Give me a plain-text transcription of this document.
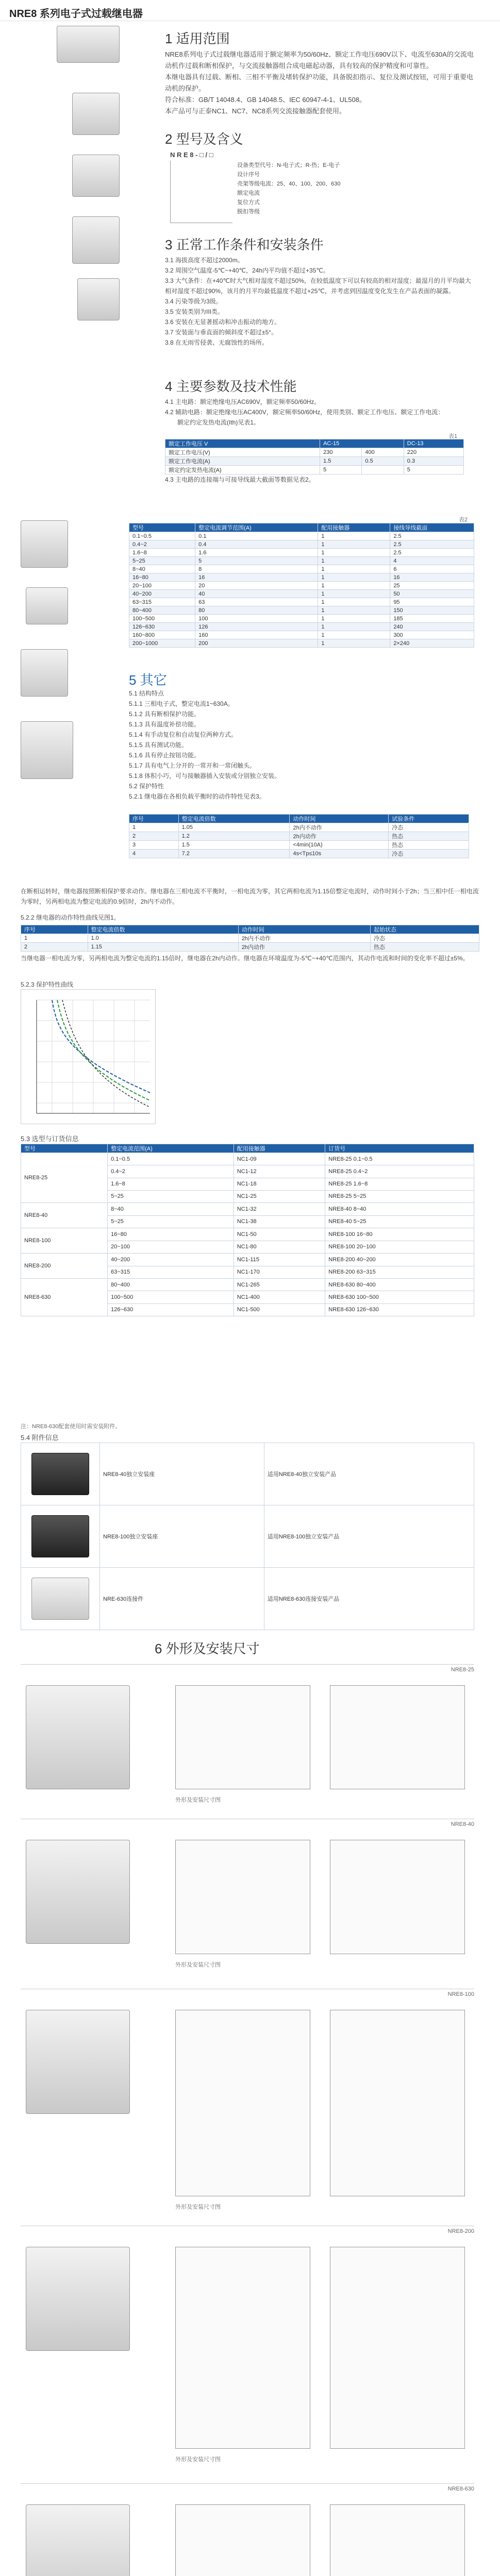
NRE8 系列电子式过载继电器
1 适用范围
NRE8系列电子式过载继电器适用于额定频率为50/60Hz、额定工作电压690V以下、电流至630A的交流电动机作过载和断相保护，与交流接触器组合成电磁起动器，具有较高的保护精度和可靠性。
本继电器具有过载、断相、三相不平衡及堵转保护功能，具备脱扣指示、复位及测试按钮，可用于重要电动机的保护。
符合标准：GB/T 14048.4、GB 14048.5、IEC 60947-4-1、UL508。
本产品可与正泰NC1、NC7、NC8系列交流接触器配套使用。
2 型号及含义
N R E 8 - □ / □
设备类型代号：N-电子式；R-热；E-电子
设计序号
壳架等级电流：25、40、100、200、630
额定电流
复位方式
脱扣等级
3 正常工作条件和安装条件
3.1 海拔高度不超过2000m。
3.2 周围空气温度-5℃~+40℃，24h内平均值不超过+35℃。
3.3 大气条件：在+40℃时大气相对湿度不超过50%，在较低温度下可以有较高的相对湿度；最湿月的月平均最大相对湿度不超过90%，该月的月平均最低温度不超过+25℃，并考虑到因温度变化发生在产品表面的凝露。
3.4 污染等级为3级。
3.5 安装类别为III类。
3.6 安装在无显著摇动和冲击振动的地方。
3.7 安装面与垂直面的倾斜度不超过±5°。
3.8 在无雨雪侵袭、无腐蚀性的场所。
4 主要参数及技术性能
4.1 主电路：额定绝缘电压AC690V，额定频率50/60Hz。
4.2 辅助电路：额定绝缘电压AC400V，额定频率50/60Hz，使用类别、额定工作电压、额定工作电流：
额定约定发热电流(Ith)见表1。
表1
额定工作电压 V	AC-15		DC-13
额定工作电压(V)	230	400	220
额定工作电流(A)	1.5	0.5	0.3
额定约定发热电流(A)	5		5
4.3 主电路的连接端与可接导线最大截面等数据见表2。
表2
型号	整定电流调节范围(A)	配用接触器	接线导线截面
0.1~0.5	0.1	1	2.5
0.4~2	0.4	1	2.5
1.6~8	1.6	1	2.5
5~25	5	1	4
8~40	8	1	6
16~80	16	1	16
20~100	20	1	25
40~200	40	1	50
63~315	63	1	95
80~400	80	1	150
100~500	100	1	185
126~630	126	1	240
160~800	160	1	300
200~1000	200	1	2×240
5 其它
5.1 结构特点
5.1.1 三相电子式，整定电流1~630A。
5.1.2 具有断相保护功能。
5.1.3 具有温度补偿功能。
5.1.4 有手动复位和自动复位两种方式。
5.1.5 具有测试功能。
5.1.6 具有停止按钮功能。
5.1.7 具有电气上分开的一常开和一常闭触头。
5.1.8 体积小巧，可与接触器插入安装或分别独立安装。
5.2 保护特性
5.2.1 继电器在各相负载平衡时的动作特性见表3。
序号	整定电流倍数	动作时间	试验条件
1	1.05	2h内不动作	冷态
2	1.2	2h内动作	热态
3	1.5	<4min(10A)	热态
4	7.2	4s<Tp≤10s	冷态
在断相运转时，继电器按照断相保护要求动作。继电器在三相电流不平衡时，一相电流为零，其它两相电流为1.15倍整定电流时，动作时间小于2h；当三相中任一相电流为零时，另两相电流为整定电流的0.9倍时，2h内不动作。
5.2.2 继电器的动作特性曲线见图1。
序号	整定电流倍数	动作时间	起始状态
1	1.0	2h内不动作	冷态
2	1.15	2h内动作	热态
当继电器一相电流为零，另两相电流为整定电流的1.15倍时，继电器在2h内动作。继电器在环境温度为-5℃~+40℃范围内，其动作电流和时间的变化率不超过±5%。
5.2.3 保护特性曲线
5.3 选型与订货信息
型号	整定电流范围(A)	配用接触器	订货号
NRE8-25	0.1~0.5	NC1-09	NRE8-25 0.1~0.5
	0.4~2	NC1-12	NRE8-25 0.4~2
	1.6~8	NC1-18	NRE8-25 1.6~8
	5~25	NC1-25	NRE8-25 5~25
NRE8-40	8~40	NC1-32	NRE8-40 8~40
	5~25	NC1-38	NRE8-40 5~25
NRE8-100	16~80	NC1-50	NRE8-100 16~80
	20~100	NC1-80	NRE8-100 20~100
NRE8-200	40~200	NC1-115	NRE8-200 40~200
	63~315	NC1-170	NRE8-200 63~315
NRE8-630	80~400	NC1-265	NRE8-630 80~400
	100~500	NC1-400	NRE8-630 100~500
	126~630	NC1-500	NRE8-630 126~630
注：NRE8-630配套使用时需安装附件。
5.4 附件信息
	NRE8-40独立安装座	适用NRE8-40独立安装产品

	NRE8-100独立安装座	适用NRE8-100独立安装产品

	NRE-630连接件	适用NRE8-630连接安装产品
6 外形及安装尺寸
NRE8-25
外形及安装尺寸图
NRE8-40
外形及安装尺寸图
NRE8-100
外形及安装尺寸图
NRE8-200
外形及安装尺寸图
NRE8-630
